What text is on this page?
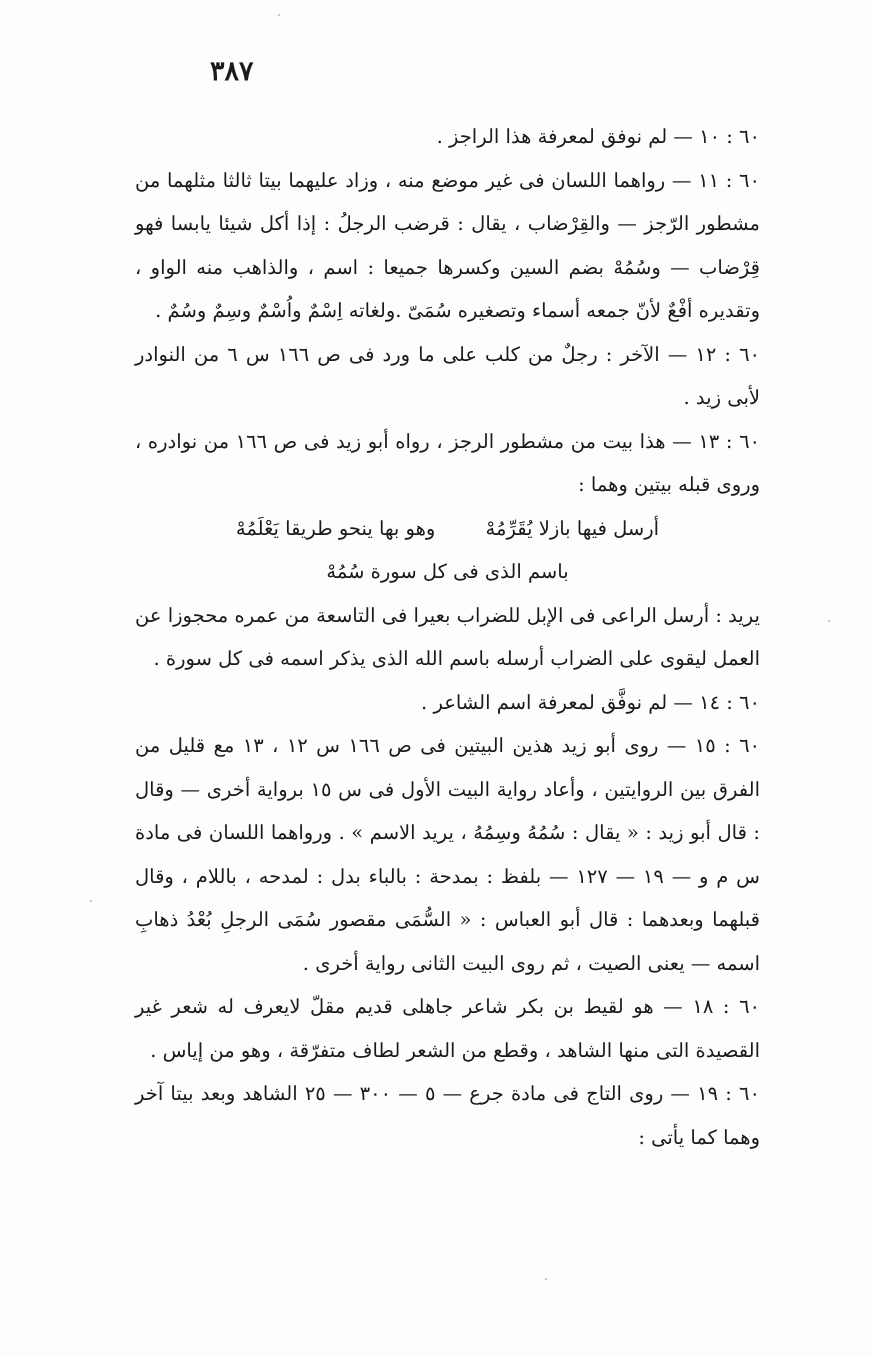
٣٨٧

٦٠ : ١٠ — لم نوفق لمعرفة هذا الراجز .

٦٠ : ١١ — رواهما اللسان فى غير موضع منه ، وزاد عليهما بيتا ثالثا مثلهما من مشطور الرّجز — والقِرْضاب ، يقال : قرضب الرجلُ : إذا أكل شيئا يابسا فهو قِرْضاب — وسُمُهْ بضم السين وكسرها جميعا : اسم ، والذاهب منه الواو ، وتقديره أفْعٌ لأنّ جمعه أسماء وتصغيره سُمَىّ .ولغاته اِسْمٌ واُسْمٌ وسِمٌ وسُمٌ .

٦٠ : ١٢ — الآخر : رجلٌ من كلب على ما ورد فى ص ١٦٦ س ٦ من النوادر لأبى زيد .

٦٠ : ١٣ — هذا بيت من مشطور الرجز ، رواه أبو زيد فى ص ١٦٦ من نوادره ، وروى قبله بيتين وهما :

أرسل فيها بازلا يُقَرِّمُهْ وهو بها ينحو طريقا يَعْلَمُهْ
باسم الذى فى كل سورة سُمُهْ

يريد : أرسل الراعى فى الإبل للضراب بعيرا فى التاسعة من عمره محجوزا عن العمل ليقوى على الضراب أرسله باسم الله الذى يذكر اسمه فى كل سورة .

٦٠ : ١٤ — لم نوفَّق لمعرفة اسم الشاعر .

٦٠ : ١٥ — روى أبو زيد هذين البيتين فى ص ١٦٦ س ١٢ ، ١٣ مع قليل من الفرق بين الروايتين ، وأعاد رواية البيت الأول فى س ١٥ برواية أخرى — وقال : قال أبو زيد : « يقال : سُمُهُ وسِمُهُ ، يريد الاسم » . ورواهما اللسان فى مادة س م و — ١٩ — ١٢٧ — بلفظ : بمدحة : بالباء بدل : لمدحه ، باللام ، وقال قبلهما وبعدهما : قال أبو العباس : « السُّمَى مقصور سُمَى الرجلِ بُعْدُ ذهابِ اسمه — يعنى الصيت ، ثم روى البيت الثانى رواية أخرى .

٦٠ : ١٨ — هو لقيط بن بكر شاعر جاهلى قديم مقلّ لايعرف له شعر غير القصيدة التى منها الشاهد ، وقطع من الشعر لطاف متفرّقة ، وهو من إياس .

٦٠ : ١٩ — روى التاج فى مادة جرع — ٥ — ٣٠٠ — ٢٥ الشاهد وبعد بيتا آخر وهما كما يأتى :
